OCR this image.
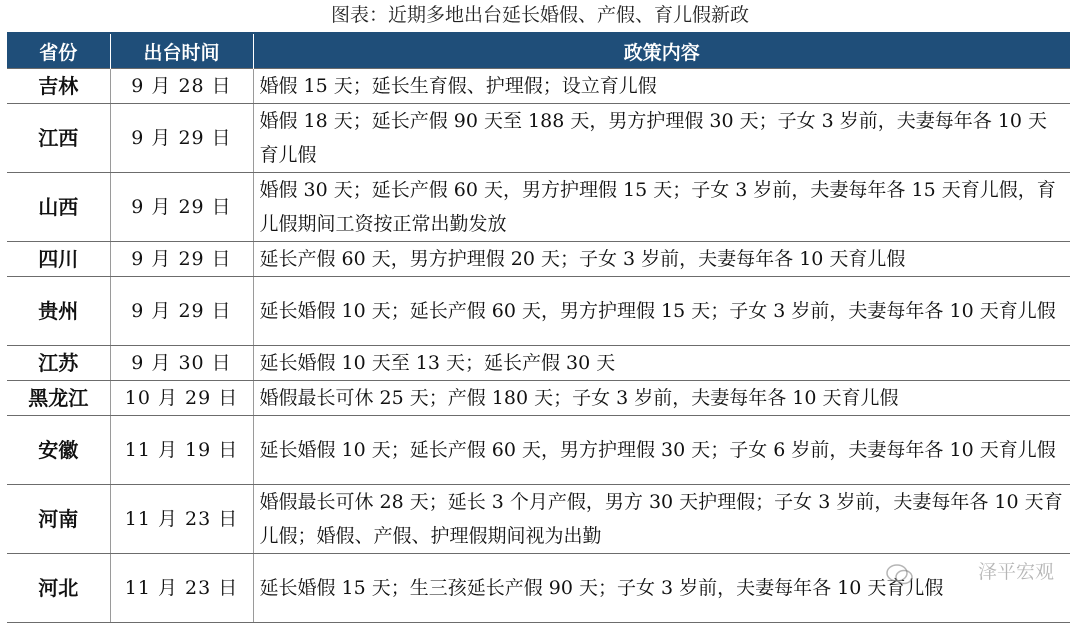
图表：近期多地出台延长婚假、产假、育儿假新政
省份	出台时间	政策内容
吉林	9 月 28 日	婚假 15 天；延长生育假、护理假；设立育儿假
江西	9 月 29 日	婚假 18 天；延长产假 90 天至 188 天，男方护理假 30 天；子女 3 岁前，夫妻每年各 10 天育儿假
山西	9 月 29 日	婚假 30 天；延长产假 60 天，男方护理假 15 天；子女 3 岁前，夫妻每年各 15 天育儿假，育儿假期间工资按正常出勤发放
四川	9 月 29 日	延长产假 60 天，男方护理假 20 天；子女 3 岁前，夫妻每年各 10 天育儿假
贵州	9 月 29 日	延长婚假 10 天；延长产假 60 天，男方护理假 15 天；子女 3 岁前，夫妻每年各 10 天育儿假
江苏	9 月 30 日	延长婚假 10 天至 13 天；延长产假 30 天
黑龙江	10 月 29 日	婚假最长可休 25 天；产假 180 天；子女 3 岁前，夫妻每年各 10 天育儿假
安徽	11 月 19 日	延长婚假 10 天；延长产假 60 天，男方护理假 30 天；子女 6 岁前，夫妻每年各 10 天育儿假
河南	11 月 23 日	婚假最长可休 28 天；延长 3 个月产假，男方 30 天护理假；子女 3 岁前，夫妻每年各 10 天育儿假；婚假、产假、护理假期间视为出勤
河北	11 月 23 日	延长婚假 15 天；生三孩延长产假 90 天；子女 3 岁前，夫妻每年各 10 天育儿假
泽平宏观
